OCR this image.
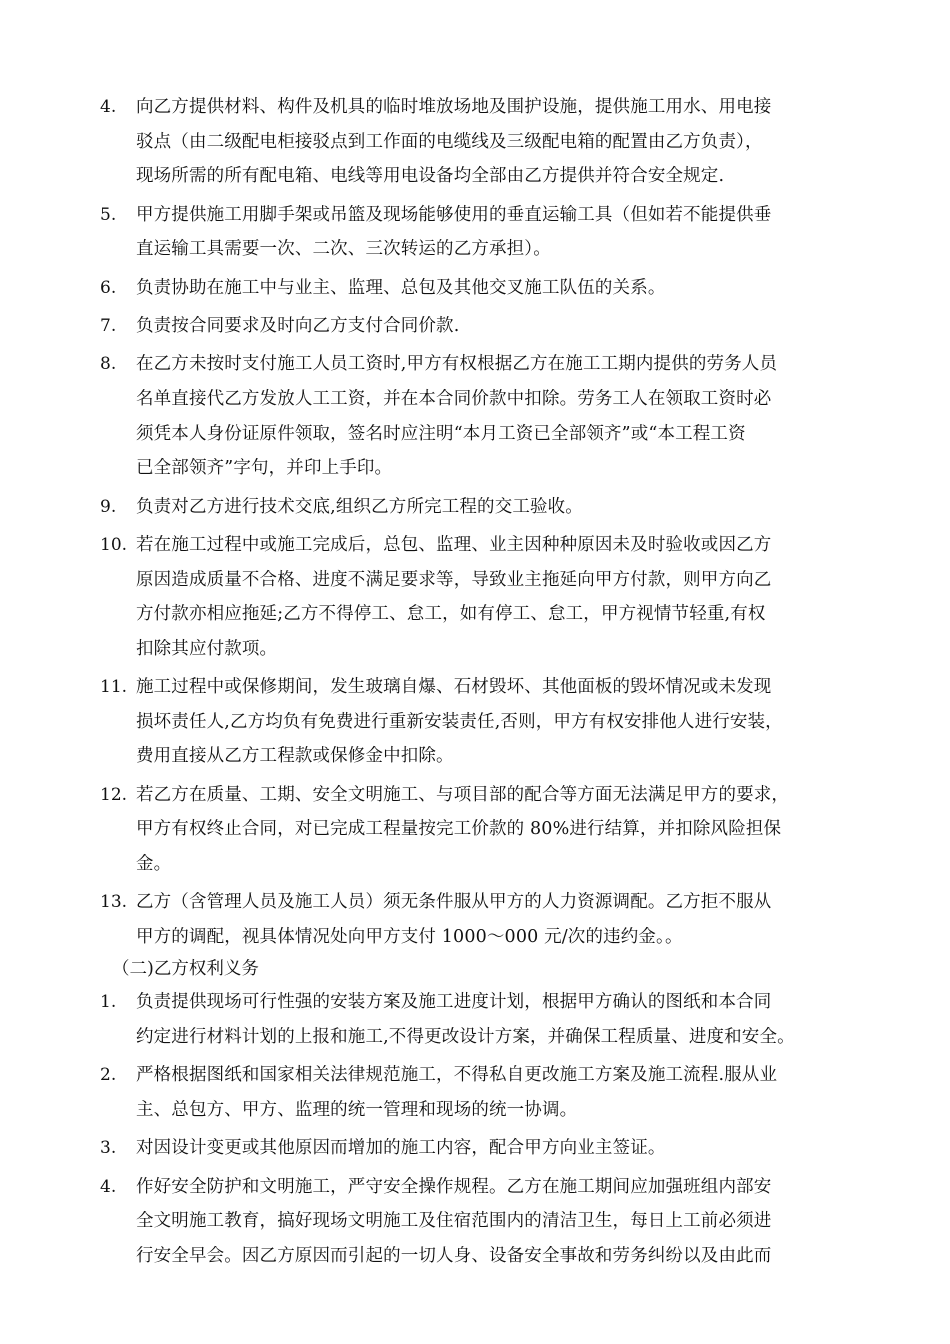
4.	向乙方提供材料、构件及机具的临时堆放场地及围护设施，提供施工用水、用电接
驳点（由二级配电柜接驳点到工作面的电缆线及三级配电箱的配置由乙方负责），
现场所需的所有配电箱、电线等用电设备均全部由乙方提供并符合安全规定.
5.	甲方提供施工用脚手架或吊篮及现场能够使用的垂直运输工具（但如若不能提供垂
直运输工具需要一次、二次、三次转运的乙方承担）。
6.	负责协助在施工中与业主、监理、总包及其他交叉施工队伍的关系。
7.	负责按合同要求及时向乙方支付合同价款.
8.	在乙方未按时支付施工人员工资时,甲方有权根据乙方在施工工期内提供的劳务人员
名单直接代乙方发放人工工资，并在本合同价款中扣除。劳务工人在领取工资时必
须凭本人身份证原件领取，签名时应注明“本月工资已全部领齐”或“本工程工资
已全部领齐”字句，并印上手印。
9.	负责对乙方进行技术交底,组织乙方所完工程的交工验收。
10. 若在施工过程中或施工完成后，总包、监理、业主因种种原因未及时验收或因乙方
原因造成质量不合格、进度不满足要求等，导致业主拖延向甲方付款，则甲方向乙
方付款亦相应拖延;乙方不得停工、怠工，如有停工、怠工，甲方视情节轻重,有权
扣除其应付款项。
11. 施工过程中或保修期间，发生玻璃自爆、石材毁坏、其他面板的毁坏情况或未发现
损坏责任人,乙方均负有免费进行重新安装责任,否则，甲方有权安排他人进行安装，
费用直接从乙方工程款或保修金中扣除。
12. 若乙方在质量、工期、安全文明施工、与项目部的配合等方面无法满足甲方的要求，
甲方有权终止合同，对已完成工程量按完工价款的 80%进行结算，并扣除风险担保
金。
13. 乙方（含管理人员及施工人员）须无条件服从甲方的人力资源调配。乙方拒不服从
甲方的调配，视具体情况处向甲方支付 1000～000 元/次的违约金。。
（二)乙方权利义务
1.	负责提供现场可行性强的安装方案及施工进度计划，根据甲方确认的图纸和本合同
约定进行材料计划的上报和施工,不得更改设计方案，并确保工程质量、进度和安全。
2.	严格根据图纸和国家相关法律规范施工，不得私自更改施工方案及施工流程.服从业
主、总包方、甲方、监理的统一管理和现场的统一协调。
3.	对因设计变更或其他原因而增加的施工内容，配合甲方向业主签证。
4.	作好安全防护和文明施工，严守安全操作规程。乙方在施工期间应加强班组内部安
全文明施工教育，搞好现场文明施工及住宿范围内的清洁卫生，每日上工前必须进
行安全早会。因乙方原因而引起的一切人身、设备安全事故和劳务纠纷以及由此而
